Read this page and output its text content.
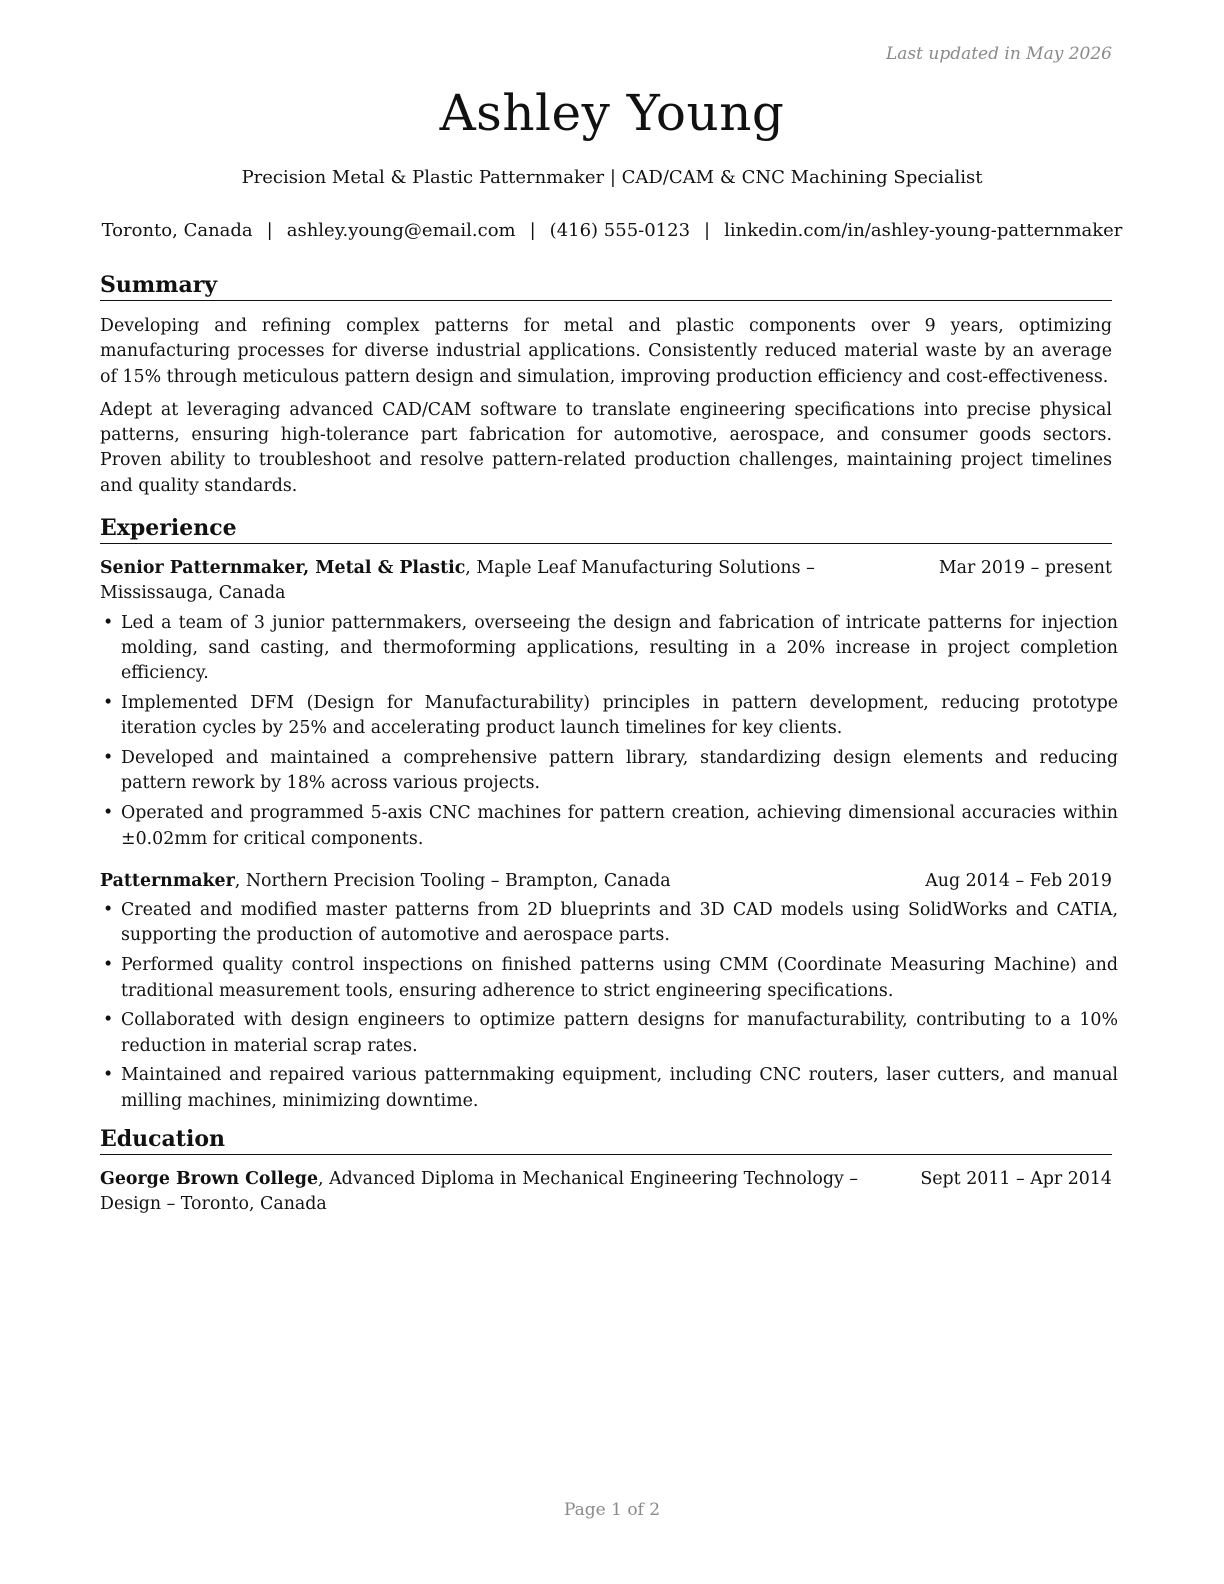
Last updated in May 2026
Ashley Young
Precision Metal & Plastic Patternmaker | CAD/CAM & CNC Machining Specialist
Toronto, Canada | ashley.young@email.com | (416) 555-0123 | linkedin.com/in/ashley-young-patternmaker
Summary

Developing and refining complex patterns for metal and plastic components over 9 years, optimizing manufacturing processes for diverse industrial applications. Consistently reduced material waste by an average of 15% through meticulous pattern design and simulation, improving production efficiency and cost-effectiveness.

Adept at leveraging advanced CAD/CAM software to translate engineering specifications into precise physical patterns, ensuring high-tolerance part fabrication for automotive, aerospace, and consumer goods sectors. Proven ability to troubleshoot and resolve pattern-related production challenges, maintaining project timelines and quality standards.

Experience
Senior Patternmaker, Metal & Plastic, Maple Leaf Manufacturing Solutions – Mississauga, Canada
Mar 2019 – present
• Led a team of 3 junior patternmakers, overseeing the design and fabrication of intricate patterns for injection molding, sand casting, and thermoforming applications, resulting in a 20% increase in project completion efficiency.
• Implemented DFM (Design for Manufacturability) principles in pattern development, reducing prototype iteration cycles by 25% and accelerating product launch timelines for key clients.
• Developed and maintained a comprehensive pattern library, standardizing design elements and reducing pattern rework by 18% across various projects.
• Operated and programmed 5-axis CNC machines for pattern creation, achieving dimensional accuracies within ±0.02mm for critical components.
Patternmaker, Northern Precision Tooling – Brampton, Canada	Aug 2014 – Feb 2019
• Created and modified master patterns from 2D blueprints and 3D CAD models using SolidWorks and CATIA, supporting the production of automotive and aerospace parts.
• Performed quality control inspections on finished patterns using CMM (Coordinate Measuring Machine) and traditional measurement tools, ensuring adherence to strict engineering specifications.
• Collaborated with design engineers to optimize pattern designs for manufacturability, contributing to a 10% reduction in material scrap rates.
• Maintained and repaired various patternmaking equipment, including CNC routers, laser cutters, and manual milling machines, minimizing downtime.
Education
George Brown College, Advanced Diploma in Mechanical Engineering Technology – Design – Toronto, Canada
Sept 2011 – Apr 2014
Page 1 of 2
